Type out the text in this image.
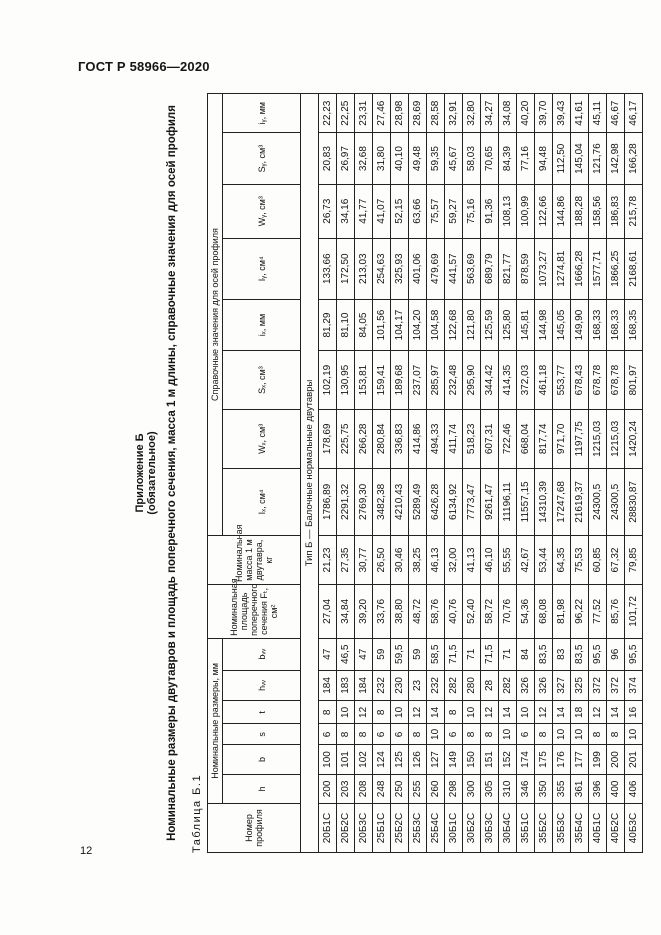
ГОСТ Р 58966—2020
12
Приложение Б (обязательное) Номинальные размеры двутавров и площадь поперечного сечения, масса 1 м длины, справочные значения для осей профиля Таблица Б.1	Номер профиля	Номинальные размеры, мм						Номинальная площадь поперечного сечения Fₜ, см²	Номинальная масса 1 м двутавра, кг	Справочные значения для осей профиля							
	h	b	s	t	hᵥᵥ	bᵥᵥ			Iₓ, см⁴	Wₓ, см³	Sₓ, см³	iₓ, мм	Iᵧ, см⁴	Wᵧ, см³	Sᵧ, см³	iᵧ, мм
Тип Б — Балочные нормальные двутавры																
20Б1С	200	100	6	8	184	47	27,04	21,23	1786,89	178,69	102,19	81,29	133,66	26,73	20,83	22,23
20Б2С	203	101	8	10	183	46,5	34,84	27,35	2291,32	225,75	130,95	81,10	172,50	34,16	26,97	22,25
20Б3С	208	102	8	12	184	47	39,20	30,77	2769,30	266,28	153,81	84,05	213,03	41,77	32,68	23,31
25Б1С	248	124	6	8	232	59	33,76	26,50	3482,38	280,84	159,41	101,56	254,63	41,07	31,80	27,46
25Б2С	250	125	6	10	230	59,5	38,80	30,46	4210,43	336,83	189,68	104,17	325,93	52,15	40,10	28,98
25Б3С	255	126	8	12	23	59	48,72	38,25	5289,49	414,86	237,07	104,20	401,06	63,66	49,48	28,69
25Б4С	260	127	10	14	232	58,5	58,76	46,13	6426,28	494,33	285,97	104,58	479,69	75,57	59,35	28,58
30Б1С	298	149	6	8	282	71,5	40,76	32,00	6134,92	411,74	232,48	122,68	441,57	59,27	45,67	32,91
30Б2С	300	150	8	10	280	71	52,40	41,13	7773,47	518,23	295,90	121,80	563,69	75,16	58,03	32,80
30Б3С	305	151	8	12	28	71,5	58,72	46,10	9261,47	607,31	344,42	125,59	689,79	91,36	70,65	34,27
30Б4С	310	152	10	14	282	71	70,76	55,55	11196,11	722,46	414,35	125,80	821,77	108,13	84,39	34,08
35Б1С	346	174	6	10	326	84	54,36	42,67	11557,15	668,04	372,03	145,81	878,59	100,99	77,16	40,20
35Б2С	350	175	8	12	326	83,5	68,08	53,44	14310,39	817,74	461,18	144,98	1073,27	122,66	94,48	39,70
35Б3С	355	176	10	14	327	83	81,98	64,35	17247,68	971,70	553,77	145,05	1274,81	144,86	112,50	39,43
35Б4С	361	177	10	18	325	83,5	96,22	75,53	21619,37	1197,75	678,43	149,90	1666,28	188,28	145,04	41,61
40Б1С	396	199	8	12	372	95,5	77,52	60,85	24300,5	1215,03	678,78	168,33	1577,71	158,56	121,76	45,11
40Б2С	400	200	8	14	372	96	85,76	67,32	24300,5	1215,03	678,78	168,33	1866,25	186,83	142,98	46,67
40Б3С	406	201	10	16	374	95,5	101,72	79,85	28830,87	1420,24	801,97	168,35	2168,61	215,78	166,28	46,17
